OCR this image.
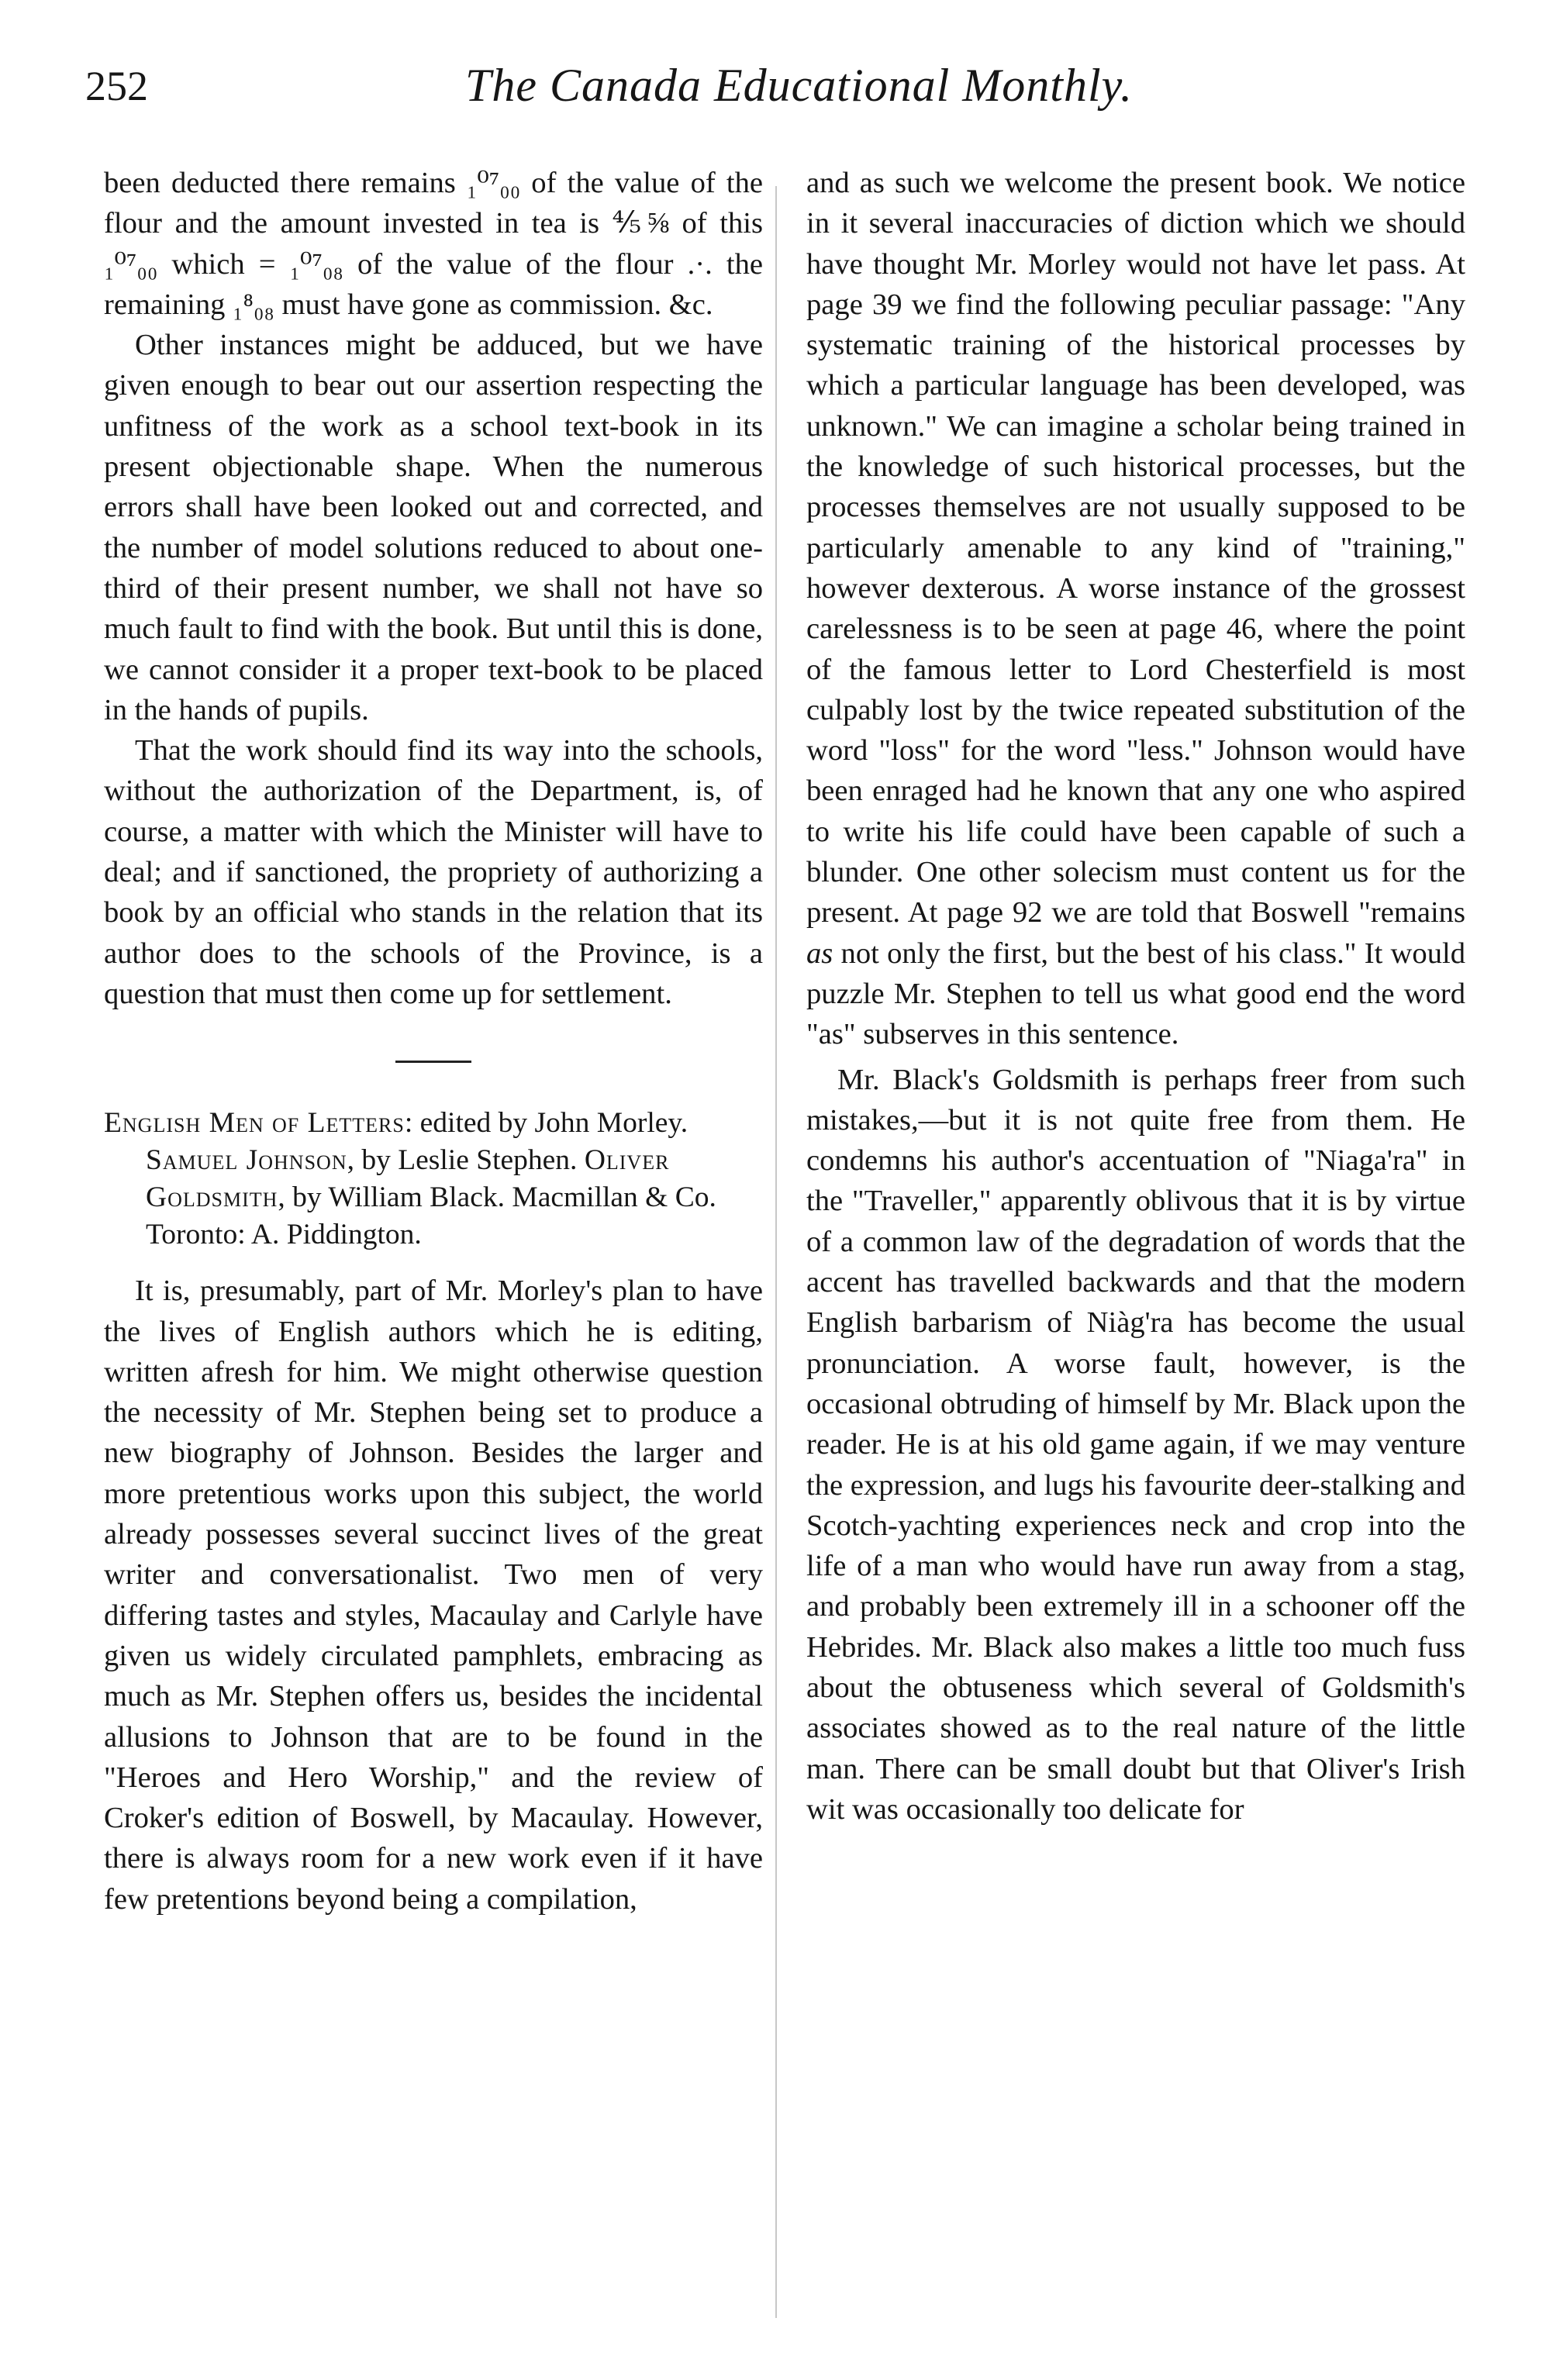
252	The Canada Educational Monthly.

been deducted there remains ₁⁰⁷₀₀ of the value of the flour and the amount invested in tea is ⅘⅝ of this ₁⁰⁷₀₀ which = ₁⁰⁷₀₈ of the value of the flour .·. the remaining ₁⁸₀₈ must have gone as commission. &c.

Other instances might be adduced, but we have given enough to bear out our assertion respecting the unfitness of the work as a school text-book in its present objectionable shape. When the numerous errors shall have been looked out and corrected, and the number of model solutions reduced to about one-third of their present number, we shall not have so much fault to find with the book. But until this is done, we cannot consider it a proper text-book to be placed in the hands of pupils.

That the work should find its way into the schools, without the authorization of the Department, is, of course, a matter with which the Minister will have to deal; and if sanctioned, the propriety of authorizing a book by an official who stands in the relation that its author does to the schools of the Province, is a question that must then come up for settlement.

English Men of Letters: edited by John Morley. Samuel Johnson, by Leslie Stephen. Oliver Goldsmith, by William Black. Macmillan & Co. Toronto: A. Piddington.

It is, presumably, part of Mr. Morley's plan to have the lives of English authors which he is editing, written afresh for him. We might otherwise question the necessity of Mr. Stephen being set to produce a new biography of Johnson. Besides the larger and more pretentious works upon this subject, the world already possesses several succinct lives of the great writer and conversationalist. Two men of very differing tastes and styles, Macaulay and Carlyle have given us widely circulated pamphlets, embracing as much as Mr. Stephen offers us, besides the incidental allusions to Johnson that are to be found in the "Heroes and Hero Worship," and the review of Croker's edition of Boswell, by Macaulay. However, there is always room for a new work even if it have few pretentions beyond being a compilation,

and as such we welcome the present book. We notice in it several inaccuracies of diction which we should have thought Mr. Morley would not have let pass. At page 39 we find the following peculiar passage: "Any systematic training of the historical processes by which a particular language has been developed, was unknown." We can imagine a scholar being trained in the knowledge of such historical processes, but the processes themselves are not usually supposed to be particularly amenable to any kind of "training," however dexterous. A worse instance of the grossest carelessness is to be seen at page 46, where the point of the famous letter to Lord Chesterfield is most culpably lost by the twice repeated substitution of the word "loss" for the word "less." Johnson would have been enraged had he known that any one who aspired to write his life could have been capable of such a blunder. One other solecism must content us for the present. At page 92 we are told that Boswell "remains as not only the first, but the best of his class." It would puzzle Mr. Stephen to tell us what good end the word "as" subserves in this sentence.

Mr. Black's Goldsmith is perhaps freer from such mistakes,—but it is not quite free from them. He condemns his author's accentuation of "Niaga'ra" in the "Traveller," apparently oblivous that it is by virtue of a common law of the degradation of words that the accent has travelled backwards and that the modern English barbarism of Niàg'ra has become the usual pronunciation. A worse fault, however, is the occasional obtruding of himself by Mr. Black upon the reader. He is at his old game again, if we may venture the expression, and lugs his favourite deer-stalking and Scotch-yachting experiences neck and crop into the life of a man who would have run away from a stag, and probably been extremely ill in a schooner off the Hebrides. Mr. Black also makes a little too much fuss about the obtuseness which several of Goldsmith's associates showed as to the real nature of the little man. There can be small doubt but that Oliver's Irish wit was occasionally too delicate for
